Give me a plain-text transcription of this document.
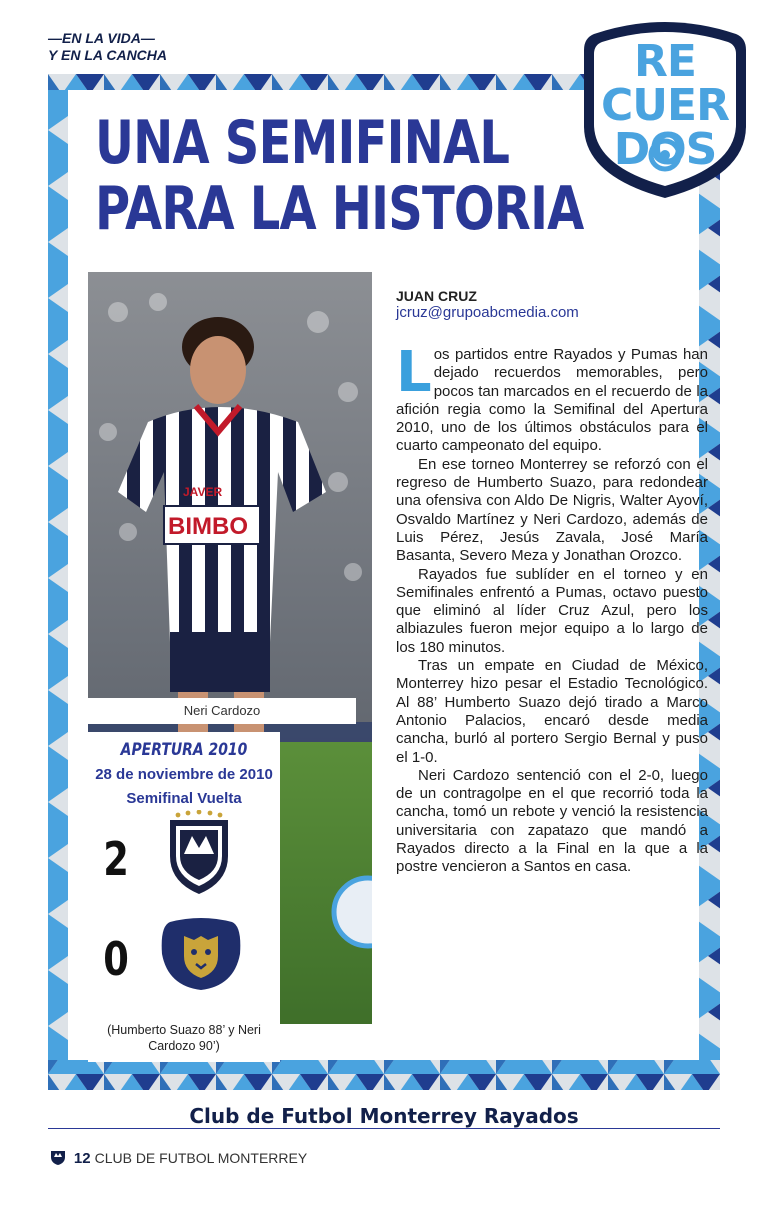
—EN LA VIDA—
Y EN LA CANCHA
UNA SEMIFINAL
PARA LA HISTORIA
RE
CUER
DOS
JAVER
BIMBO
Neri Cardozo
APERTURA 2010
28 de noviembre de 2010
Semifinal Vuelta
2
0
(Humberto Suazo 88’ y Neri Cardozo 90’)
JUAN CRUZ
jcruz@grupoabcmedia.com

Los partidos entre Rayados y Pumas han dejado recuerdos memorables, pero pocos tan marcados en el recuerdo de la afición regia como la Semifinal del Apertura 2010, uno de los últimos obstáculos para el cuarto campeonato del equipo.

En ese torneo Monterrey se reforzó con el regreso de Humberto Suazo, para redondear una ofensiva con Aldo De Nigris, Walter Ayoví, Osvaldo Martínez y Neri Cardozo, además de Luis Pérez, Jesús Zavala, José María Basanta, Severo Meza y Jonathan Orozco.

Rayados fue sublíder en el torneo y en Semifinales enfrentó a Pumas, octavo puesto que eliminó al líder Cruz Azul, pero los albiazules fueron mejor equipo a lo largo de los 180 minutos.

Tras un empate en Ciudad de México, Monterrey hizo pesar el Estadio Tecnológico. Al 88’ Humberto Suazo dejó tirado a Marco Antonio Palacios, encaró desde media cancha, burló al portero Sergio Bernal y puso el 1-0.

Neri Cardozo sentenció con el 2-0, luego de un contragolpe en el que recorrió toda la cancha, tomó un rebote y venció la resistencia universitaria con zapatazo que mandó a Rayados directo a la Final en la que a la postre vencieron a Santos en casa.

Club de Futbol Monterrey Rayados
12 CLUB DE FUTBOL MONTERREY
